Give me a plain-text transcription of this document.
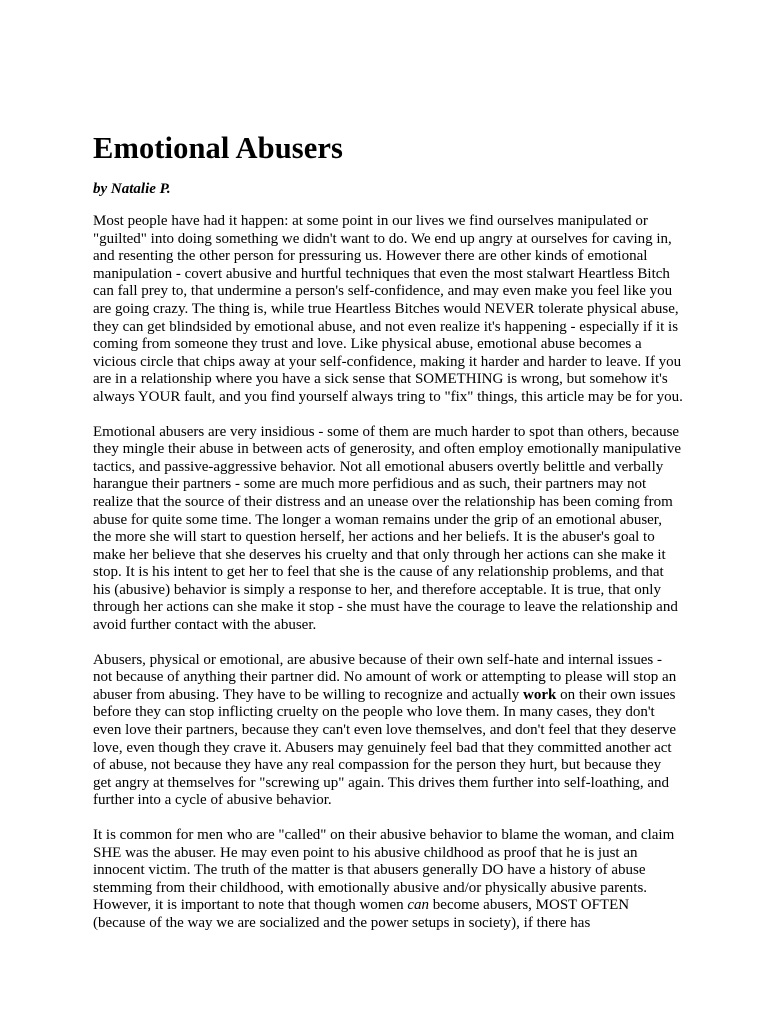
Emotional Abusers
by Natalie P.

Most people have had it happen: at some point in our lives we find ourselves manipulated or "guilted" into doing something we didn't want to do. We end up angry at ourselves for caving in, and resenting the other person for pressuring us. However there are other kinds of emotional manipulation - covert abusive and hurtful techniques that even the most stalwart Heartless Bitch can fall prey to, that undermine a person's self-confidence, and may even make you feel like you are going crazy. The thing is, while true Heartless Bitches would NEVER tolerate physical abuse, they can get blindsided by emotional abuse, and not even realize it's happening - especially if it is coming from someone they trust and love. Like physical abuse, emotional abuse becomes a vicious circle that chips away at your self-confidence, making it harder and harder to leave. If you are in a relationship where you have a sick sense that SOMETHING is wrong, but somehow it's always YOUR fault, and you find yourself always tring to "fix" things, this article may be for you.

Emotional abusers are very insidious - some of them are much harder to spot than others, because they mingle their abuse in between acts of generosity, and often employ emotionally manipulative tactics, and passive-aggressive behavior. Not all emotional abusers overtly belittle and verbally harangue their partners - some are much more perfidious and as such, their partners may not realize that the source of their distress and an unease over the relationship has been coming from abuse for quite some time. The longer a woman remains under the grip of an emotional abuser, the more she will start to question herself, her actions and her beliefs. It is the abuser's goal to make her believe that she deserves his cruelty and that only through her actions can she make it stop. It is his intent to get her to feel that she is the cause of any relationship problems, and that his (abusive) behavior is simply a response to her, and therefore acceptable. It is true, that only through her actions can she make it stop - she must have the courage to leave the relationship and avoid further contact with the abuser.

Abusers, physical or emotional, are abusive because of their own self-hate and internal issues - not because of anything their partner did. No amount of work or attempting to please will stop an abuser from abusing. They have to be willing to recognize and actually work on their own issues before they can stop inflicting cruelty on the people who love them. In many cases, they don't even love their partners, because they can't even love themselves, and don't feel that they deserve love, even though they crave it. Abusers may genuinely feel bad that they committed another act of abuse, not because they have any real compassion for the person they hurt, but because they get angry at themselves for "screwing up" again. This drives them further into self-loathing, and further into a cycle of abusive behavior.

It is common for men who are "called" on their abusive behavior to blame the woman, and claim SHE was the abuser. He may even point to his abusive childhood as proof that he is just an innocent victim. The truth of the matter is that abusers generally DO have a history of abuse stemming from their childhood, with emotionally abusive and/or physically abusive parents. However, it is important to note that though women can become abusers, MOST OFTEN (because of the way we are socialized and the power setups in society), if there has
